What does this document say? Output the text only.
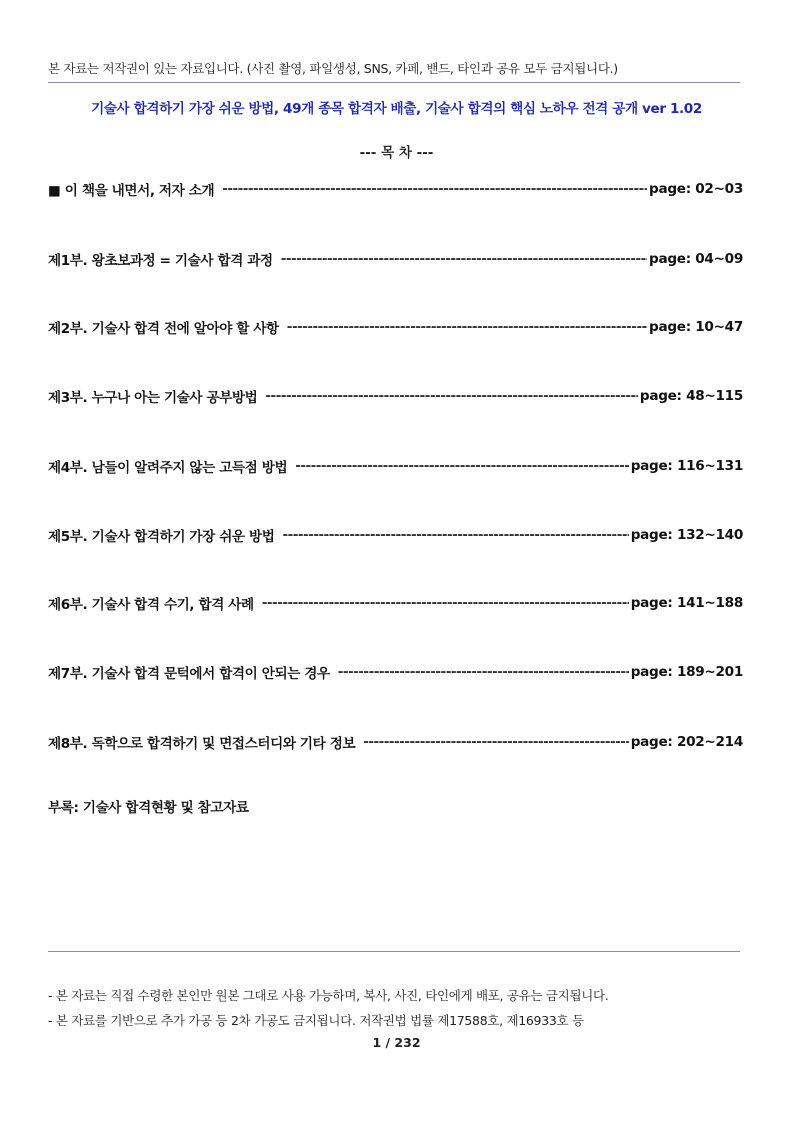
본 자료는 저작권이 있는 자료입니다. (사진 촬영, 파일생성, SNS, 카페, 밴드, 타인과 공유 모두 금지됩니다.)
기술사 합격하기 가장 쉬운 방법, 49개 종목 합격자 배출, 기술사 합격의 핵심 노하우 전격 공개 ver 1.02
--- 목 차 ---
■ 이 책을 내면서, 저자 소개 -----	page: 02~03
제1부. 왕초보과정 = 기술사 합격 과정 -----	page: 04~09
제2부. 기술사 합격 전에 알아야 할 사항 -----	page: 10~47
제3부. 누구나 아는 기술사 공부방법 -----	page: 48~115
제4부. 남들이 알려주지 않는 고득점 방법 -----	page: 116~131
제5부. 기술사 합격하기 가장 쉬운 방법 -----	page: 132~140
제6부. 기술사 합격 수기, 합격 사례 -----	page: 141~188
제7부. 기술사 합격 문턱에서 합격이 안되는 경우 -----	page: 189~201
제8부. 독학으로 합격하기 및 면접스터디와 기타 정보 -----	page: 202~214
부록: 기술사 합격현황 및 참고자료
- 본 자료는 직접 수령한 본인만 원본 그대로 사용 가능하며, 복사, 사진, 타인에게 배포, 공유는 금지됩니다.
- 본 자료를 기반으로 추가 가공 등 2차 가공도 금지됩니다. 저작권법 법률 제17588호, 제16933호 등
1 / 232
